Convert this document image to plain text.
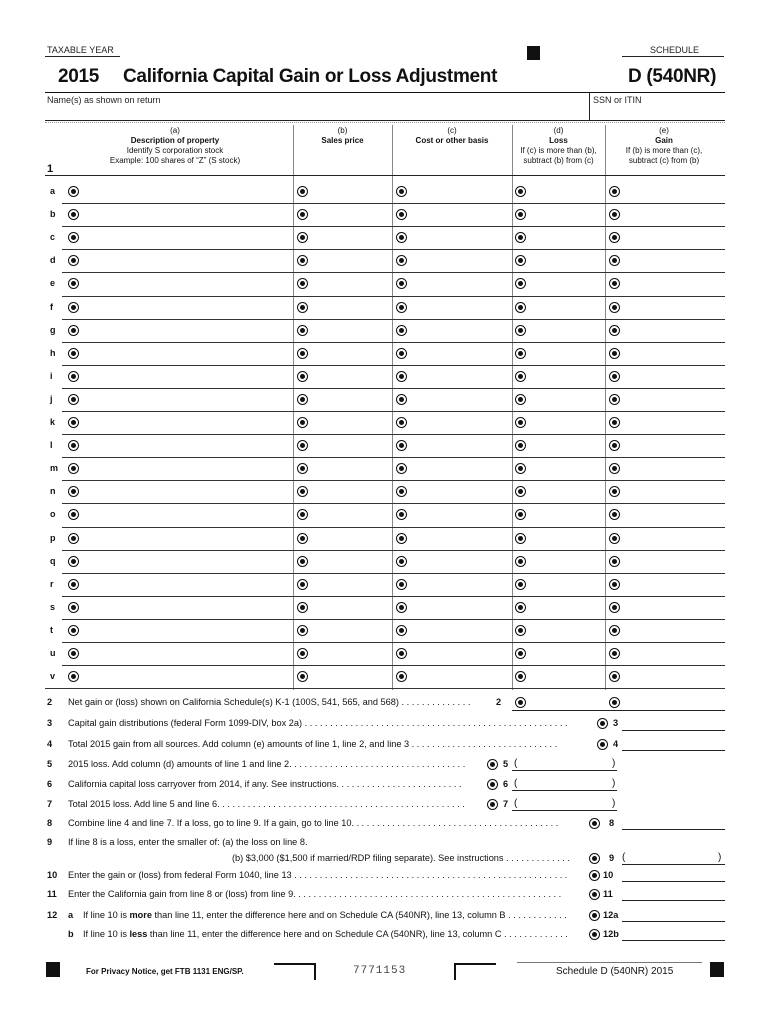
TAXABLE YEAR	SCHEDULE
2015 California Capital Gain or Loss Adjustment	D (540NR)
Name(s) as shown on return	SSN or ITIN
(a)
Description of property
Identify S corporation stock
Example: 100 shares of “Z” (S stock)
(b)
Sales price
(c)
Cost or other basis
(d)
Loss
If (c) is more than (b),
subtract (b) from (c)
(e)
Gain
If (b) is more than (c),
subtract (c) from (b)
1
a
b
c
d
e
f
g
h
i
j
k
l
m
n
o
p
q
r
s
t
u
v
2 Net gain or (loss) shown on California Schedule(s) K-1 (100S, 541, 565, and 568) . . . . . . . . . . . . . .	2
3 Capital gain distributions (federal Form 1099-DIV, box 2a) . . . . . . . . . . . . . . . . . . . . . . . . . . . . . . . . . . . . . . . . . . . . . . . . . . . .	3
4 Total 2015 gain from all sources. Add column (e) amounts of line 1, line 2, and line 3 . . . . . . . . . . . . . . . . . . . . . . . . . . . . .	4
5 2015 loss. Add column (d) amounts of line 1 and line 2. . . . . . . . . . . . . . . . . . . . . . . . . . . . . . . . . . .	5 (	)
6 California capital loss carryover from 2014, if any. See instructions. . . . . . . . . . . . . . . . . . . . . . . . .	6 (	)
7 Total 2015 loss. Add line 5 and line 6. . . . . . . . . . . . . . . . . . . . . . . . . . . . . . . . . . . . . . . . . . . . . . . . .	7 (	)
8 Combine line 4 and line 7. If a loss, go to line 9. If a gain, go to line 10. . . . . . . . . . . . . . . . . . . . . . . . . . . . . . . . . . . . . . . . .	8
9 If line 8 is a loss, enter the smaller of: (a) the loss on line 8.
(b) $3,000 ($1,500 if married/RDP filing separate). See instructions . . . . . . . . . . . . .	9 (	)
10 Enter the gain or (loss) from federal Form 1040, line 13 . . . . . . . . . . . . . . . . . . . . . . . . . . . . . . . . . . . . . . . . . . . . . . . . . . . . . .	10
11 Enter the California gain from line 8 or (loss) from line 9. . . . . . . . . . . . . . . . . . . . . . . . . . . . . . . . . . . . . . . . . . . . . . . . . . . . .	11
12 a If line 10 is more than line 11, enter the difference here and on Schedule CA (540NR), line 13, column B . . . . . . . . . . . .	12a
b If line 10 is less than line 11, enter the difference here and on Schedule CA (540NR), line 13, column C . . . . . . . . . . . . .	12b
For Privacy Notice, get FTB 1131 ENG/SP.	7771153	Schedule D (540NR) 2015
